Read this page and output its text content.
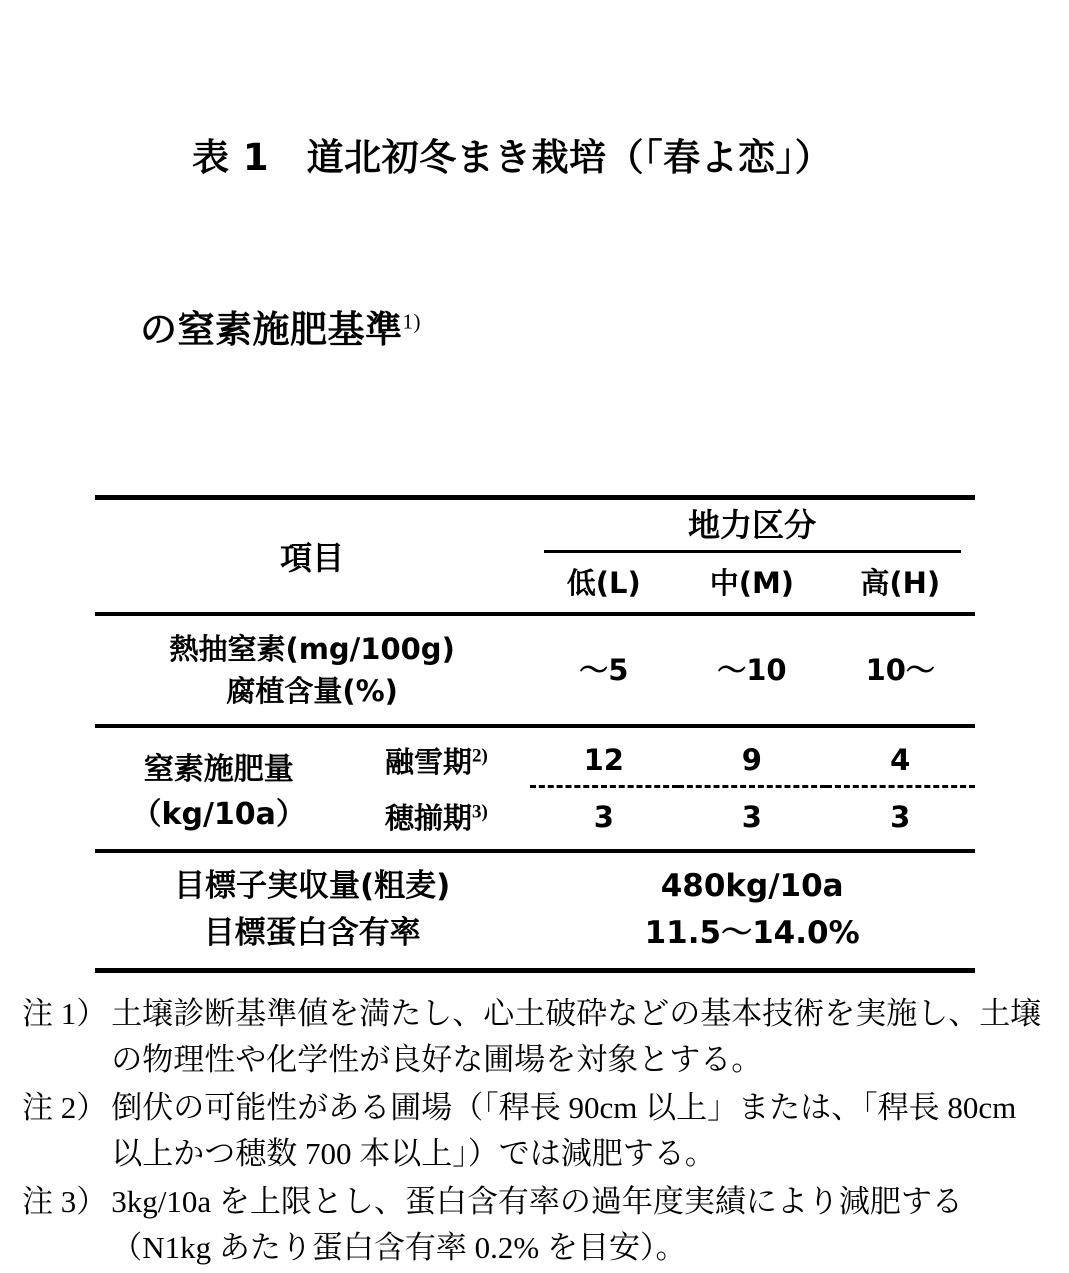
表 1　道北初冬まき栽培（「春よ恋」）

の窒素施肥基準$^{1)}$

項目		地力区分			

		低(L)	中(M)	高(H)	

熱抽窒素(mg/100g)
腐植含量(%)		〜5	〜10	10〜	

窒素施肥量
（kg/10a）	融雪期$^{2)}$	12	9	4	

	穂揃期$^{3)}$	3	3	3	
目標子実収量(粗麦)		480kg/10a			
目標蛋白含有率		11.5〜14.0%			
注 1） 土壌診断基準値を満たし、心土破砕などの基本技術を実施し、土壌の物理性や化学性が良好な圃場を対象とする。
注 2） 倒伏の可能性がある圃場（「稈長 90cm 以上」または、「稈長 80cm 以上かつ穂数 700 本以上」）では減肥する。
注 3） 3kg/10a を上限とし、蛋白含有率の過年度実績により減肥する（N1kg あたり蛋白含有率 0.2% を目安）。
